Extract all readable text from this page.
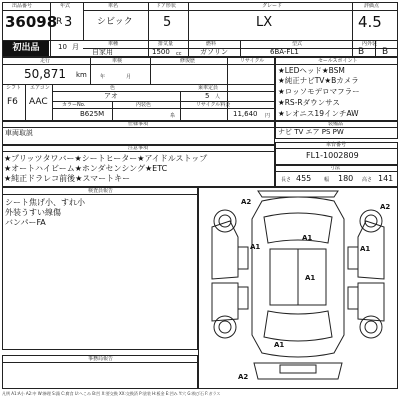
出品番号
36098
初出品
年式
R 3
10 月
車名
シビック
ドア形状
5
グレード
LX
評価点
4.5
車種
自家用
排気量
1500 cc
燃料
ガソリン
型式
6BA-FL1
内外装
B B
走行
50,871 km
車検
年	月
修復歴	リサイクル
シフト
F6
エアコン
AAC
色
アオ
乗車定員
5 人
カラーNo.
B625M
内装色
糸
リサイクル料金
11,640 円
セールスポイント
★LEDヘッド★BSM
★純正ナビTV★Bカメラ
★ロッソモデロマフラー
★RS-Rダウンサス
★レオニス19インチAW
装備品
ナビ TV エア PS PW
車台番号
FL1-1002809
寸法
長さ 455	幅 180 高さ 141
仕様事項
車両取説
注意事項
★プリッツタワバー★シートヒーター★アイドルストップ
★オートハイビーム★ホンダセンシング★ETC
★純正ドラレコ前後★スマートキー
検査員報告
シート焦げ小、すれ小
外装うすい線傷
バンパーFA
事務局報告
A2
A2
A1
A1
A1
A1
A1
A2
凡例 A1:A小 A2:中 W:修理 S:錆 C:腐食 U:へこみ B:凹 X:要交換 XX:交換済 P:塗装 H:板金 E:凹み Y:穴 G:飛び石 F:ガラス
